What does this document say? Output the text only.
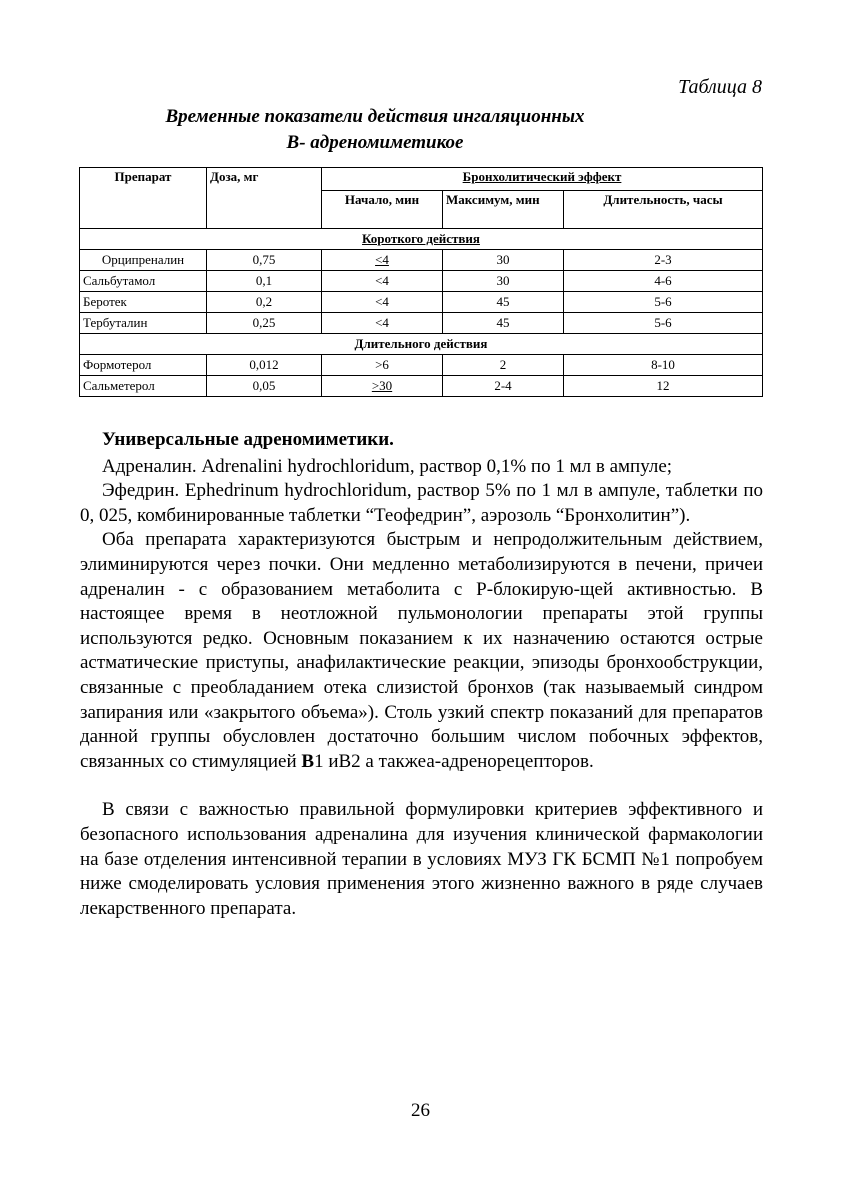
Таблица 8
Временные показатели действия ингаляционных
B- адреномиметикое
Препарат	Доза, мг	Бронхолитический эффект		
		Начало, мин	Максимум, мин	Длительность, часы
Короткого действия				
Орципреналин	0,75	<4	30	2-3
Сальбутамол	0,1	<4	30	4-6
Беротек	0,2	<4	45	5-6
Тербуталин	0,25	<4	45	5-6
Длительного действия				
Формотерол	0,012	>6	2	8-10
Сальметерол	0,05	>30	2-4	12

Универсальные адреномиметики.

Адреналин. Adrenalini hydrochloridum, раствор 0,1% по 1 мл в ампуле;

Эфедрин. Ephedrinum hydrochloridum, раствор 5% по 1 мл в ампуле, таблетки по 0, 025, комбинированные таблетки “Теофедрин”, аэрозоль “Бронхолитин”).

Оба препарата характеризуются быстрым и непродолжительным действием, элиминируются через почки. Они медленно метаболизируются в печени, причеи адреналин - с образованием метаболита с Р-блокирую-щей активностью. В настоящее время в неотложной пульмонологии препараты этой группы используются редко. Основным показанием к их назначению остаются острые астматические приступы, анафилактические реакции, эпизоды бронхообструкции, связанные с преобладанием отека слизистой бронхов (так называемый синдром запирания или «закрытого объема»). Столь узкий спектр показаний для препаратов данной группы обусловлен достаточно большим числом побочных эффектов, связанных со стимуляцией В1 иВ2 а такжеа-адренорецепторов.

В связи с важностью правильной формулировки критериев эффективного и безопасного использования адреналина для изучения клинической фармакологии на базе отделения интенсивной терапии в условиях МУЗ ГК БСМП №1 попробуем ниже смоделировать условия применения этого жизненно важного в ряде случаев лекарственного препарата.

26
